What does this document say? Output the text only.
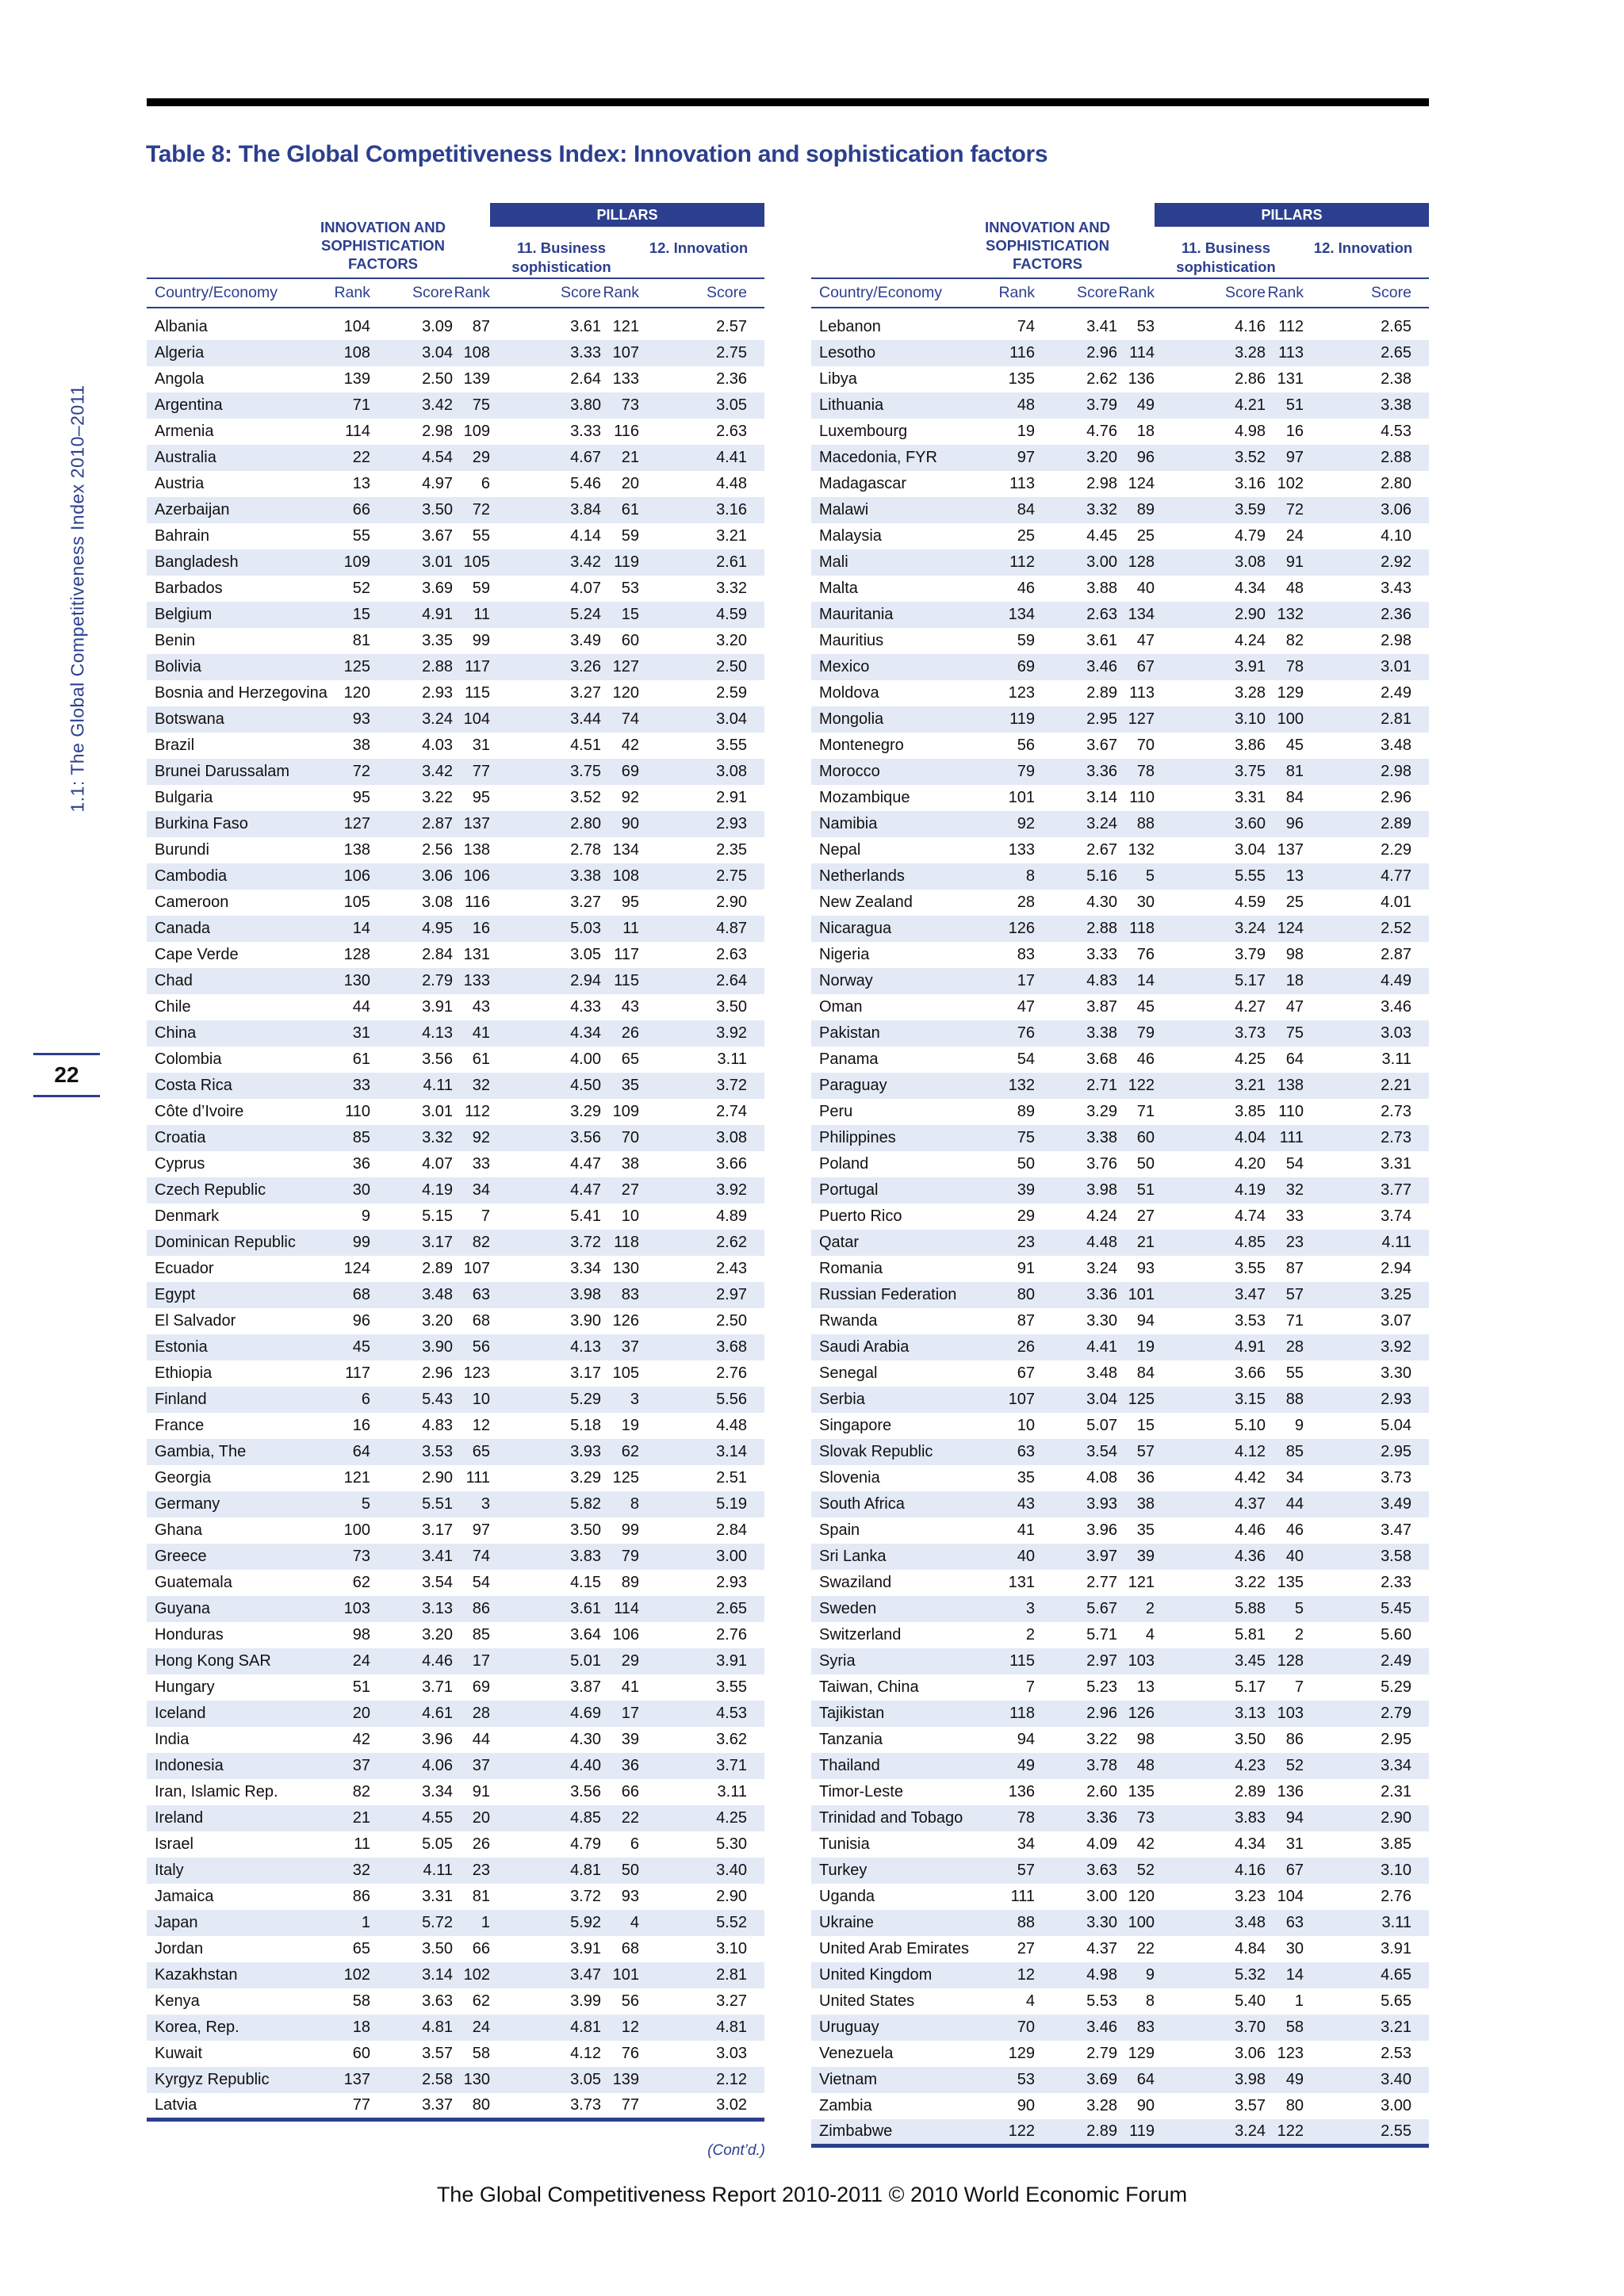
1.1: The Global Competitiveness Index 2010–2011
22
Table 8: The Global Competitiveness Index: Innovation and sophistication factors
INNOVATION AND SOPHISTICATION FACTORS
PILLARS
11. Business sophistication
12. Innovation
Country/Economy	Rank	Score	Rank	Score	Rank	Score

Albania	104	3.09	87	3.61	121	2.57
Algeria	108	3.04	108	3.33	107	2.75
Angola	139	2.50	139	2.64	133	2.36
Argentina	71	3.42	75	3.80	73	3.05
Armenia	114	2.98	109	3.33	116	2.63
Australia	22	4.54	29	4.67	21	4.41
Austria	13	4.97	6	5.46	20	4.48
Azerbaijan	66	3.50	72	3.84	61	3.16
Bahrain	55	3.67	55	4.14	59	3.21
Bangladesh	109	3.01	105	3.42	119	2.61
Barbados	52	3.69	59	4.07	53	3.32
Belgium	15	4.91	11	5.24	15	4.59
Benin	81	3.35	99	3.49	60	3.20
Bolivia	125	2.88	117	3.26	127	2.50
Bosnia and Herzegovina	120	2.93	115	3.27	120	2.59
Botswana	93	3.24	104	3.44	74	3.04
Brazil	38	4.03	31	4.51	42	3.55
Brunei Darussalam	72	3.42	77	3.75	69	3.08
Bulgaria	95	3.22	95	3.52	92	2.91
Burkina Faso	127	2.87	137	2.80	90	2.93
Burundi	138	2.56	138	2.78	134	2.35
Cambodia	106	3.06	106	3.38	108	2.75
Cameroon	105	3.08	116	3.27	95	2.90
Canada	14	4.95	16	5.03	11	4.87
Cape Verde	128	2.84	131	3.05	117	2.63
Chad	130	2.79	133	2.94	115	2.64
Chile	44	3.91	43	4.33	43	3.50
China	31	4.13	41	4.34	26	3.92
Colombia	61	3.56	61	4.00	65	3.11
Costa Rica	33	4.11	32	4.50	35	3.72
Côte d’Ivoire	110	3.01	112	3.29	109	2.74
Croatia	85	3.32	92	3.56	70	3.08
Cyprus	36	4.07	33	4.47	38	3.66
Czech Republic	30	4.19	34	4.47	27	3.92
Denmark	9	5.15	7	5.41	10	4.89
Dominican Republic	99	3.17	82	3.72	118	2.62
Ecuador	124	2.89	107	3.34	130	2.43
Egypt	68	3.48	63	3.98	83	2.97
El Salvador	96	3.20	68	3.90	126	2.50
Estonia	45	3.90	56	4.13	37	3.68
Ethiopia	117	2.96	123	3.17	105	2.76
Finland	6	5.43	10	5.29	3	5.56
France	16	4.83	12	5.18	19	4.48
Gambia, The	64	3.53	65	3.93	62	3.14
Georgia	121	2.90	111	3.29	125	2.51
Germany	5	5.51	3	5.82	8	5.19
Ghana	100	3.17	97	3.50	99	2.84
Greece	73	3.41	74	3.83	79	3.00
Guatemala	62	3.54	54	4.15	89	2.93
Guyana	103	3.13	86	3.61	114	2.65
Honduras	98	3.20	85	3.64	106	2.76
Hong Kong SAR	24	4.46	17	5.01	29	3.91
Hungary	51	3.71	69	3.87	41	3.55
Iceland	20	4.61	28	4.69	17	4.53
India	42	3.96	44	4.30	39	3.62
Indonesia	37	4.06	37	4.40	36	3.71
Iran, Islamic Rep.	82	3.34	91	3.56	66	3.11
Ireland	21	4.55	20	4.85	22	4.25
Israel	11	5.05	26	4.79	6	5.30
Italy	32	4.11	23	4.81	50	3.40
Jamaica	86	3.31	81	3.72	93	2.90
Japan	1	5.72	1	5.92	4	5.52
Jordan	65	3.50	66	3.91	68	3.10
Kazakhstan	102	3.14	102	3.47	101	2.81
Kenya	58	3.63	62	3.99	56	3.27
Korea, Rep.	18	4.81	24	4.81	12	4.81
Kuwait	60	3.57	58	4.12	76	3.03
Kyrgyz Republic	137	2.58	130	3.05	139	2.12
Latvia	77	3.37	80	3.73	77	3.02
INNOVATION AND SOPHISTICATION FACTORS
PILLARS
11. Business sophistication
12. Innovation
Country/Economy	Rank	Score	Rank	Score	Rank	Score

Lebanon	74	3.41	53	4.16	112	2.65
Lesotho	116	2.96	114	3.28	113	2.65
Libya	135	2.62	136	2.86	131	2.38
Lithuania	48	3.79	49	4.21	51	3.38
Luxembourg	19	4.76	18	4.98	16	4.53
Macedonia, FYR	97	3.20	96	3.52	97	2.88
Madagascar	113	2.98	124	3.16	102	2.80
Malawi	84	3.32	89	3.59	72	3.06
Malaysia	25	4.45	25	4.79	24	4.10
Mali	112	3.00	128	3.08	91	2.92
Malta	46	3.88	40	4.34	48	3.43
Mauritania	134	2.63	134	2.90	132	2.36
Mauritius	59	3.61	47	4.24	82	2.98
Mexico	69	3.46	67	3.91	78	3.01
Moldova	123	2.89	113	3.28	129	2.49
Mongolia	119	2.95	127	3.10	100	2.81
Montenegro	56	3.67	70	3.86	45	3.48
Morocco	79	3.36	78	3.75	81	2.98
Mozambique	101	3.14	110	3.31	84	2.96
Namibia	92	3.24	88	3.60	96	2.89
Nepal	133	2.67	132	3.04	137	2.29
Netherlands	8	5.16	5	5.55	13	4.77
New Zealand	28	4.30	30	4.59	25	4.01
Nicaragua	126	2.88	118	3.24	124	2.52
Nigeria	83	3.33	76	3.79	98	2.87
Norway	17	4.83	14	5.17	18	4.49
Oman	47	3.87	45	4.27	47	3.46
Pakistan	76	3.38	79	3.73	75	3.03
Panama	54	3.68	46	4.25	64	3.11
Paraguay	132	2.71	122	3.21	138	2.21
Peru	89	3.29	71	3.85	110	2.73
Philippines	75	3.38	60	4.04	111	2.73
Poland	50	3.76	50	4.20	54	3.31
Portugal	39	3.98	51	4.19	32	3.77
Puerto Rico	29	4.24	27	4.74	33	3.74
Qatar	23	4.48	21	4.85	23	4.11
Romania	91	3.24	93	3.55	87	2.94
Russian Federation	80	3.36	101	3.47	57	3.25
Rwanda	87	3.30	94	3.53	71	3.07
Saudi Arabia	26	4.41	19	4.91	28	3.92
Senegal	67	3.48	84	3.66	55	3.30
Serbia	107	3.04	125	3.15	88	2.93
Singapore	10	5.07	15	5.10	9	5.04
Slovak Republic	63	3.54	57	4.12	85	2.95
Slovenia	35	4.08	36	4.42	34	3.73
South Africa	43	3.93	38	4.37	44	3.49
Spain	41	3.96	35	4.46	46	3.47
Sri Lanka	40	3.97	39	4.36	40	3.58
Swaziland	131	2.77	121	3.22	135	2.33
Sweden	3	5.67	2	5.88	5	5.45
Switzerland	2	5.71	4	5.81	2	5.60
Syria	115	2.97	103	3.45	128	2.49
Taiwan, China	7	5.23	13	5.17	7	5.29
Tajikistan	118	2.96	126	3.13	103	2.79
Tanzania	94	3.22	98	3.50	86	2.95
Thailand	49	3.78	48	4.23	52	3.34
Timor-Leste	136	2.60	135	2.89	136	2.31
Trinidad and Tobago	78	3.36	73	3.83	94	2.90
Tunisia	34	4.09	42	4.34	31	3.85
Turkey	57	3.63	52	4.16	67	3.10
Uganda	111	3.00	120	3.23	104	2.76
Ukraine	88	3.30	100	3.48	63	3.11
United Arab Emirates	27	4.37	22	4.84	30	3.91
United Kingdom	12	4.98	9	5.32	14	4.65
United States	4	5.53	8	5.40	1	5.65
Uruguay	70	3.46	83	3.70	58	3.21
Venezuela	129	2.79	129	3.06	123	2.53
Vietnam	53	3.69	64	3.98	49	3.40
Zambia	90	3.28	90	3.57	80	3.00
Zimbabwe	122	2.89	119	3.24	122	2.55
(Cont’d.)
The Global Competitiveness Report 2010-2011 © 2010 World Economic Forum
